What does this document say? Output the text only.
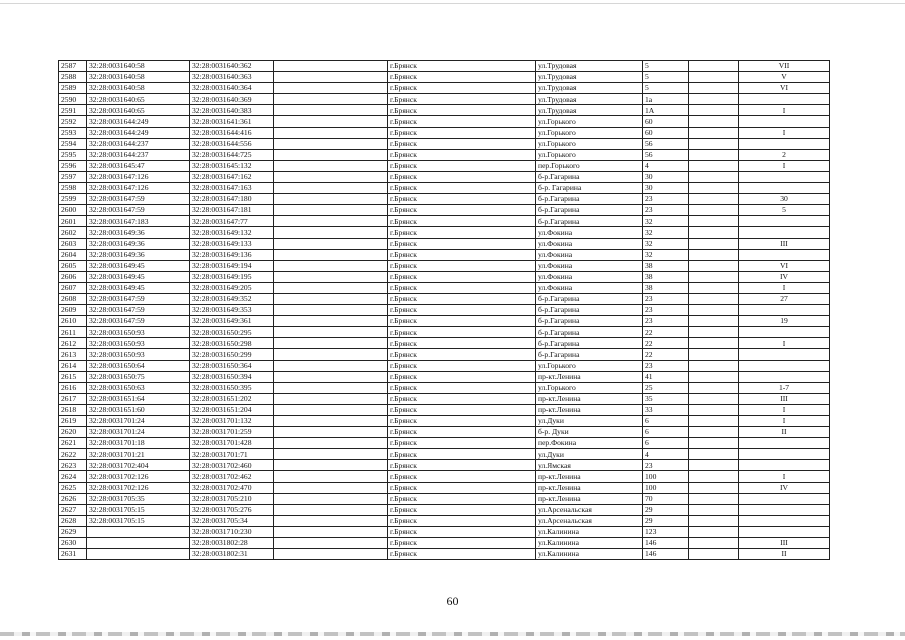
2587	32:28:0031640:58	32:28:0031640:362		г.Брянск	ул.Трудовая	5		VII
2588	32:28:0031640:58	32:28:0031640:363		г.Брянск	ул.Трудовая	5		V
2589	32:28:0031640:58	32:28:0031640:364		г.Брянск	ул.Трудовая	5		VI
2590	32:28:0031640:65	32:28:0031640:369		г.Брянск	ул.Трудовая	1а		
2591	32:28:0031640:65	32:28:0031640:383		г.Брянск	ул.Трудовая	1А		I
2592	32:28:0031644:249	32:28:0031641:361		г.Брянск	ул.Горького	60		
2593	32:28:0031644:249	32:28:0031644:416		г.Брянск	ул.Горького	60		I
2594	32:28:0031644:237	32:28:0031644:556		г.Брянск	ул.Горького	56		
2595	32:28:0031644:237	32:28:0031644:725		г.Брянск	ул.Горького	56		2
2596	32:28:0031645:47	32:28:0031645:132		г.Брянск	пер.Горького	4		I
2597	32:28:0031647:126	32:28:0031647:162		г.Брянск	б-р.Гагарина	30		
2598	32:28:0031647:126	32:28:0031647:163		г.Брянск	б-р. Гагарина	30		
2599	32:28:0031647:59	32:28:0031647:180		г.Брянск	б-р.Гагарина	23		30
2600	32:28:0031647:59	32:28:0031647:181		г.Брянск	б-р.Гагарина	23		5
2601	32:28:0031647:183	32:28:0031647:77		г.Брянск	б-р.Гагарина	32		
2602	32:28:0031649:36	32:28:0031649:132		г.Брянск	ул.Фокина	32		
2603	32:28:0031649:36	32:28:0031649:133		г.Брянск	ул.Фокина	32		III
2604	32:28:0031649:36	32:28:0031649:136		г.Брянск	ул.Фокина	32		
2605	32:28:0031649:45	32:28:0031649:194		г.Брянск	ул.Фокина	38		VI
2606	32:28:0031649:45	32:28:0031649:195		г.Брянск	ул.Фокина	38		IV
2607	32:28:0031649:45	32:28:0031649:205		г.Брянск	ул.Фокина	38		I
2608	32:28:0031647:59	32:28:0031649:352		г.Брянск	б-р.Гагарина	23		27
2609	32:28:0031647:59	32:28:0031649:353		г.Брянск	б-р.Гагарина	23		
2610	32:28:0031647:59	32:28:0031649:361		г.Брянск	б-р.Гагарина	23		19
2611	32:28:0031650:93	32:28:0031650:295		г.Брянск	б-р.Гагарина	22		
2612	32:28:0031650:93	32:28:0031650:298		г.Брянск	б-р.Гагарина	22		I
2613	32:28:0031650:93	32:28:0031650:299		г.Брянск	б-р.Гагарина	22		
2614	32:28:0031650:64	32:28:0031650:364		г.Брянск	ул.Горького	23		
2615	32:28:0031650:75	32:28:0031650:394		г.Брянск	пр-кт.Ленина	41		
2616	32:28:0031650:63	32:28:0031650:395		г.Брянск	ул.Горького	25		1-7
2617	32:28:0031651:64	32:28:0031651:202		г.Брянск	пр-кт.Ленина	35		III
2618	32:28:0031651:60	32:28:0031651:204		г.Брянск	пр-кт.Ленина	33		I
2619	32:28:0031701:24	32:28:0031701:132		г.Брянск	ул.Дуки	6		I
2620	32:28:0031701:24	32:28:0031701:259		г.Брянск	б-р. Дуки	6		II
2621	32:28:0031701:18	32:28:0031701:428		г.Брянск	пер.Фокина	6		
2622	32:28:0031701:21	32:28:0031701:71		г.Брянск	ул.Дуки	4		
2623	32:28:0031702:404	32:28:0031702:460		г.Брянск	ул.Ямская	23		
2624	32:28:0031702:126	32:28:0031702:462		г.Брянск	пр-кт.Ленина	100		I
2625	32:28:0031702:126	32:28:0031702:470		г.Брянск	пр-кт.Ленина	100		IV
2626	32:28:0031705:35	32:28:0031705:210		г.Брянск	пр-кт.Ленина	70		
2627	32:28:0031705:15	32:28:0031705:276		г.Брянск	ул.Арсенальская	29		
2628	32:28:0031705:15	32:28:0031705:34		г.Брянск	ул.Арсенальская	29		
2629		32:28:0031710:230		г.Брянск	ул.Калинина	123		
2630		32:28:0031802:28		г.Брянск	ул.Калинина	146		III
2631		32:28:0031802:31		г.Брянск	ул.Калинина	146		II
60
